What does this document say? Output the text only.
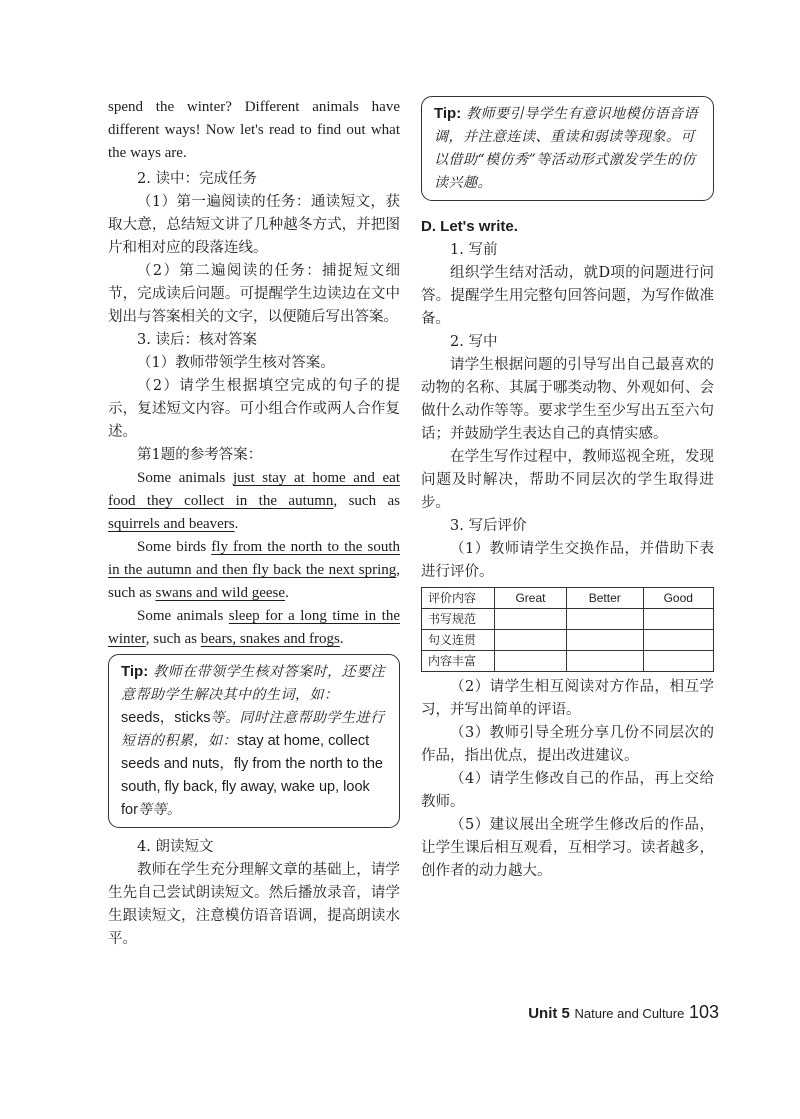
spend the winter? Different animals have different ways! Now let's read to find out what the ways are.

2. 读中：完成任务

（1）第一遍阅读的任务：通读短文，获取大意，总结短文讲了几种越冬方式，并把图片和相对应的段落连线。

（2）第二遍阅读的任务：捕捉短文细节，完成读后问题。可提醒学生边读边在文中划出与答案相关的文字，以便随后写出答案。

3. 读后：核对答案

（1）教师带领学生核对答案。

（2）请学生根据填空完成的句子的提示，复述短文内容。可小组合作或两人合作复述。

第1题的参考答案：

Some animals just stay at home and eat food they collect in the autumn, such as squirrels and beavers.

Some birds fly from the north to the south in the autumn and then fly back the next spring, such as swans and wild geese.

Some animals sleep for a long time in the winter, such as bears, snakes and frogs.

Tip: 教师在带领学生核对答案时，还要注意帮助学生解决其中的生词，如：seeds，sticks等。同时注意帮助学生进行短语的积累，如：stay at home, collect seeds and nuts，fly from the north to the south, fly back, fly away, wake up, look for等等。

4. 朗读短文

教师在学生充分理解文章的基础上，请学生先自己尝试朗读短文。然后播放录音，请学生跟读短文，注意模仿语音语调，提高朗读水平。

Tip: 教师要引导学生有意识地模仿语音语调，并注意连读、重读和弱读等现象。可以借助“模仿秀”等活动形式激发学生的仿读兴趣。
D. Let's write.

1. 写前

组织学生结对活动，就D项的问题进行问答。提醒学生用完整句回答问题，为写作做准备。

2. 写中

请学生根据问题的引导写出自己最喜欢的动物的名称、其属于哪类动物、外观如何、会做什么动作等等。要求学生至少写出五至六句话；并鼓励学生表达自己的真情实感。

在学生写作过程中，教师巡视全班，发现问题及时解决，帮助不同层次的学生取得进步。

3. 写后评价

（1）教师请学生交换作品，并借助下表进行评价。

评价内容	Great	Better	Good
书写规范			
句义连贯			
内容丰富			

（2）请学生相互阅读对方作品，相互学习，并写出简单的评语。

（3）教师引导全班分享几份不同层次的作品，指出优点，提出改进建议。

（4）请学生修改自己的作品，再上交给教师。

（5）建议展出全班学生修改后的作品，让学生课后相互观看，互相学习。读者越多，创作者的动力越大。

Unit 5 Nature and Culture 103
